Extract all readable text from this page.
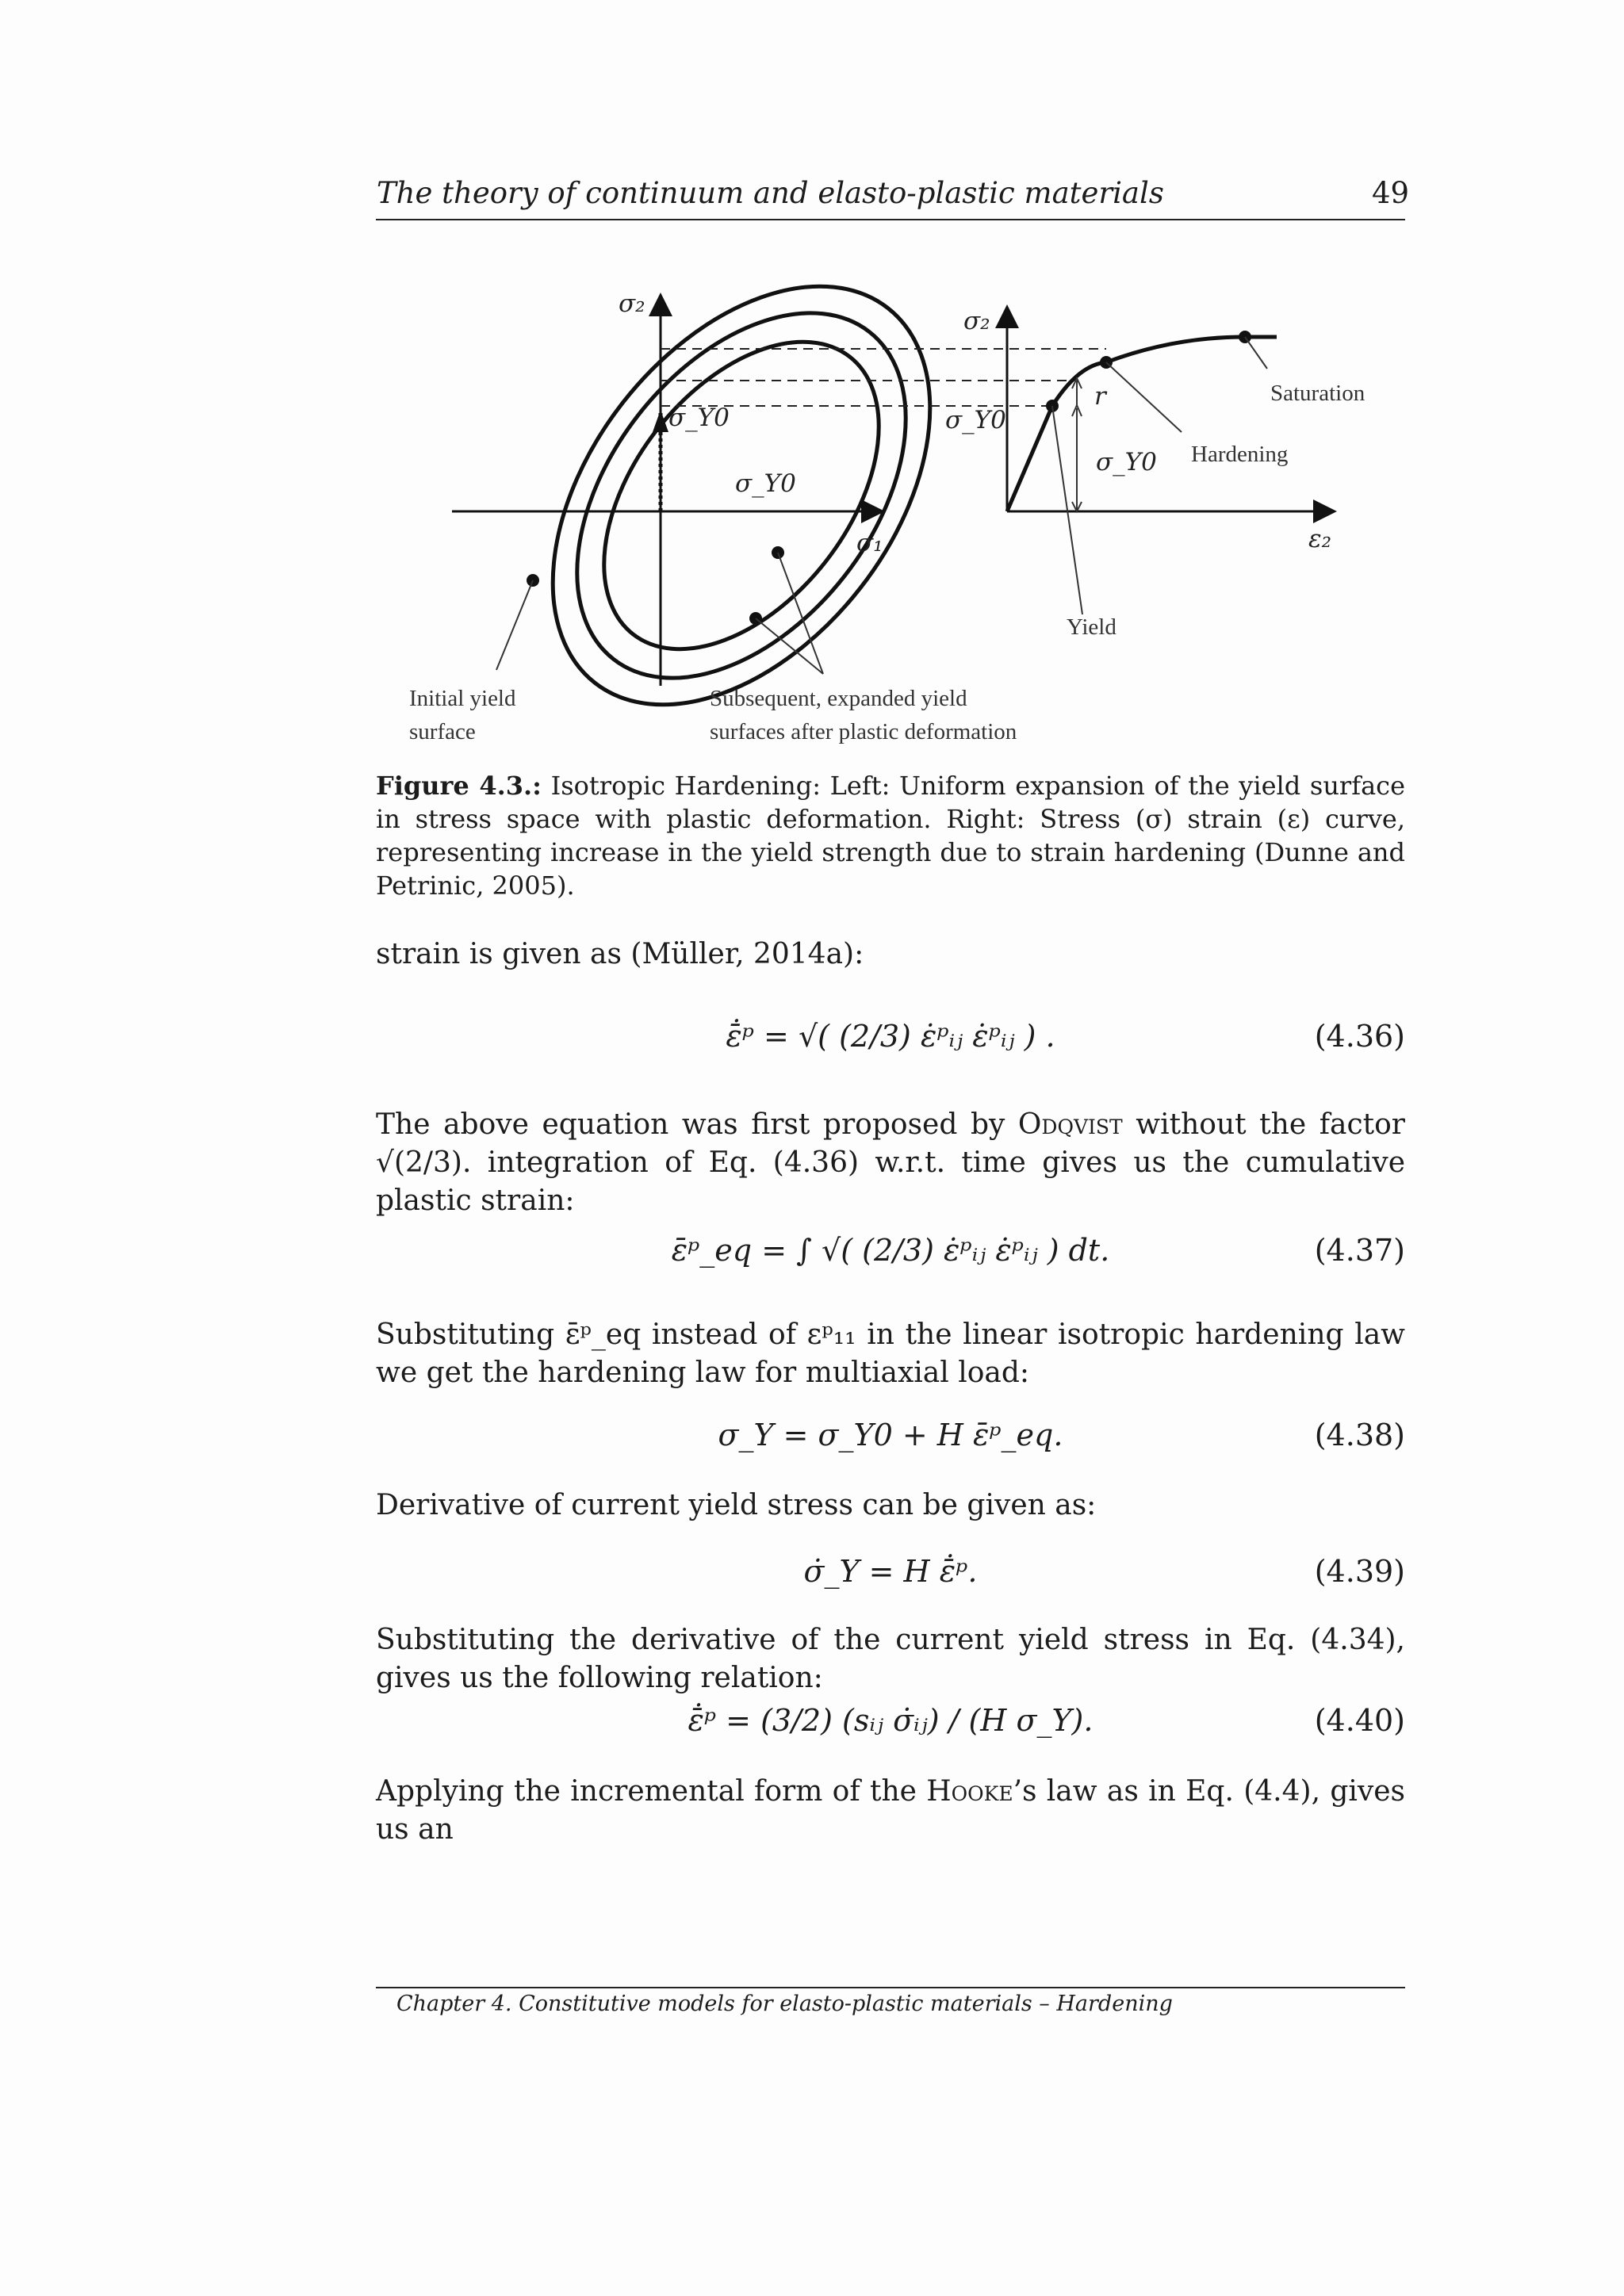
The theory of continuum and elasto-plastic materials	49
σ₂
σ₁
σ_Y0
σ_Y0
Initial yield
surface
Subsequent, expanded yield
surfaces after plastic deformation
σ₂
ε₂
σ_Y0
σ_Y0
r	Saturation
Hardening
Yield
Figure 4.3.: Isotropic Hardening: Left: Uniform expansion of the yield surface in stress space with plastic deformation. Right: Stress (σ) strain (ε) curve, representing increase in the yield strength due to strain hardening (Dunne and Petrinic, 2005).
strain is given as (Müller, 2014a):
ε̄̇ᵖ = √( (2/3) ε̇ᵖᵢⱼ ε̇ᵖᵢⱼ ) .	(4.36)
The above equation was first proposed by Odqvist without the factor √(2/3). integration of Eq. (4.36) w.r.t. time gives us the cumulative plastic strain:
ε̄ᵖ_eq = ∫ √( (2/3) ε̇ᵖᵢⱼ ε̇ᵖᵢⱼ ) dt.	(4.37)
Substituting ε̄ᵖ_eq instead of εᵖ₁₁ in the linear isotropic hardening law we get the hardening law for multiaxial load:
σ_Y = σ_Y0 + H ε̄ᵖ_eq.	(4.38)
Derivative of current yield stress can be given as:
σ̇_Y = H ε̄̇ᵖ.	(4.39)
Substituting the derivative of the current yield stress in Eq. (4.34), gives us the following relation:
ε̄̇ᵖ = (3/2) (sᵢⱼ σ̇ᵢⱼ) / (H σ_Y).	(4.40)
Applying the incremental form of the Hooke’s law as in Eq. (4.4), gives us an
Chapter 4. Constitutive models for elasto-plastic materials – Hardening
